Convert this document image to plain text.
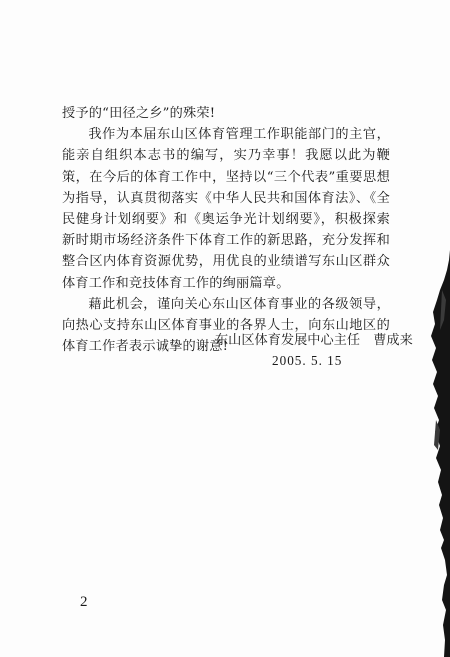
授予的“田径之乡”的殊荣!

我作为本届东山区体育管理工作职能部门的主官，能亲自组织本志书的编写，实乃幸事！我愿以此为鞭策，在今后的体育工作中，坚持以“三个代表”重要思想为指导，认真贯彻落实《中华人民共和国体育法》、《全民健身计划纲要》和《奥运争光计划纲要》，积极探索新时期市场经济条件下体育工作的新思路，充分发挥和整合区内体育资源优势，用优良的业绩谱写东山区群众体育工作和竞技体育工作的绚丽篇章。

藉此机会，谨向关心东山区体育事业的各级领导，向热心支持东山区体育事业的各界人士，向东山地区的体育工作者表示诚挚的谢意!

东山区体育发展中心主任　曹成来
2005. 5. 15
2
